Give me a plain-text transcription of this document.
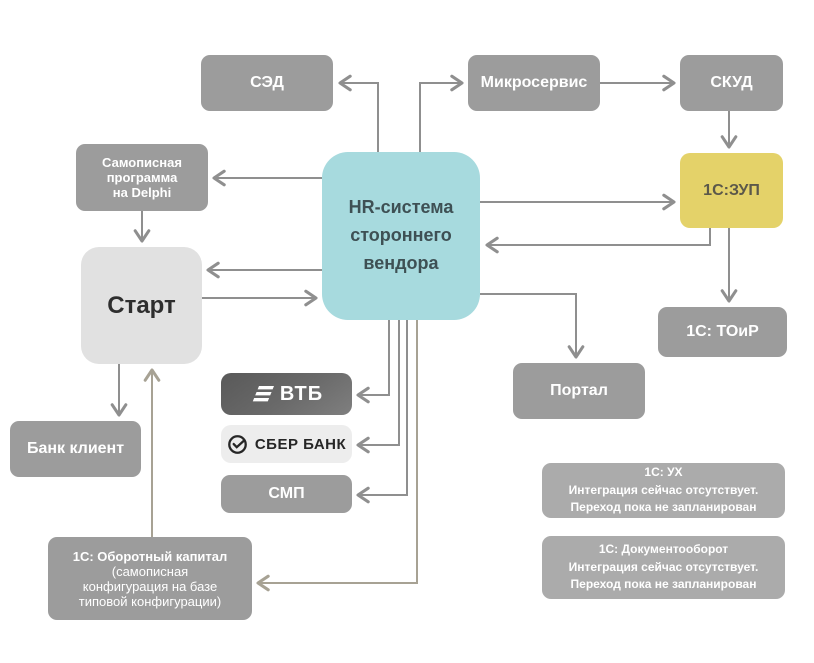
СЭД	Микросервис	СКУД
Самописная
программа
на Delphi
HR-система
стороннего
вендора
1С:ЗУП
Старт
1С: ТОиР
Портал
ВТБ
СБЕР БАНК
СМП
Банк клиент
1С: Оборотный капитал
(самописная
конфигурация на базе
типовой конфигурации)
1С: УХ
Интеграция сейчас отсутствует.
Переход пока не запланирован
1С: Документооборот
Интеграция сейчас отсутствует.
Переход пока не запланирован
